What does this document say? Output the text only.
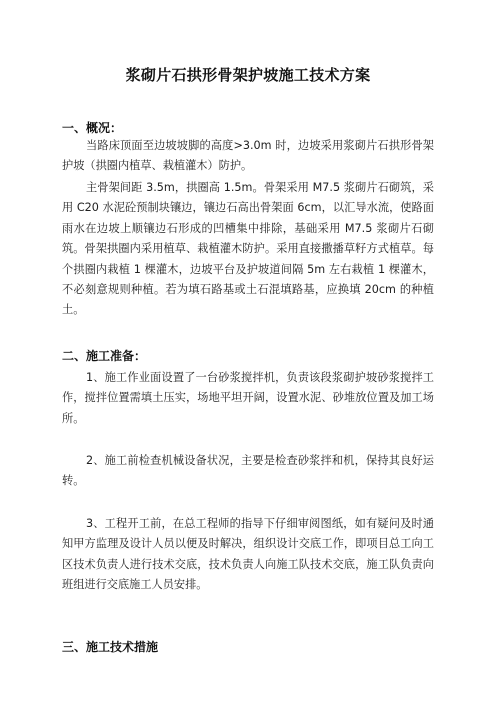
浆砌片石拱形骨架护坡施工技术方案
一、概况：
当路床顶面至边坡坡脚的高度>3.0m 时，边坡采用浆砌片石拱形骨架护坡（拱圈内植草、栽植灌木）防护。
主骨架间距 3.5m，拱圈高 1.5m。骨架采用 M7.5 浆砌片石砌筑，采用 C20 水泥砼预制块镶边，镶边石高出骨架面 6cm，以汇导水流，使路面雨水在边坡上顺镶边石形成的凹槽集中排除，基础采用 M7.5 浆砌片石砌筑。骨架拱圈内采用植草、栽植灌木防护。采用直接撒播草籽方式植草。每个拱圈内栽植 1 棵灌木，边坡平台及护坡道间隔 5m 左右栽植 1 棵灌木，不必刻意规则种植。若为填石路基或土石混填路基，应换填 20cm 的种植土。
二、施工准备：
1、施工作业面设置了一台砂浆搅拌机，负责该段浆砌护坡砂浆搅拌工作，搅拌位置需填土压实，场地平坦开阔，设置水泥、砂堆放位置及加工场所。
2、施工前检查机械设备状况，主要是检查砂浆拌和机，保持其良好运转。
3、工程开工前，在总工程师的指导下仔细审阅图纸，如有疑问及时通知甲方监理及设计人员以便及时解决，组织设计交底工作，即项目总工向工区技术负责人进行技术交底，技术负责人向施工队技术交底，施工队负责向班组进行交底施工人员安排。
三、施工技术措施
